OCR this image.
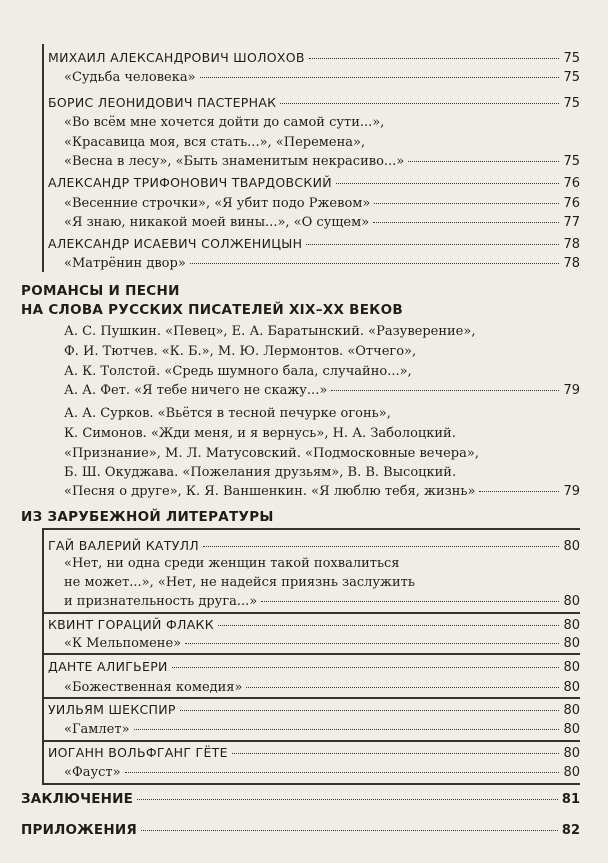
МИХАИЛ АЛЕКСАНДРОВИЧ ШОЛОХОВ	75
«Судьба человека»	75
БОРИС ЛЕОНИДОВИЧ ПАСТЕРНАК	75
«Во всём мне хочется дойти до самой сути...»,
«Красавица моя, вся стать...», «Перемена»,
«Весна в лесу», «Быть знаменитым некрасиво...»	75
АЛЕКСАНДР ТРИФОНОВИЧ ТВАРДОВСКИЙ	76
«Весенние строчки», «Я убит подо Ржевом»	76
«Я знаю, никакой моей вины...», «О сущем»	77
АЛЕКСАНДР ИСАЕВИЧ СОЛЖЕНИЦЫН	78
«Матрёнин двор»	78
РОМАНСЫ И ПЕСНИ
НА СЛОВА РУССКИХ ПИСАТЕЛЕЙ XIX–XX ВЕКОВ
А. С. Пушкин. «Певец», Е. А. Баратынский. «Разуверение»,
Ф. И. Тютчев. «К. Б.», М. Ю. Лермонтов. «Отчего»,
А. К. Толстой. «Средь шумного бала, случайно...»,
А. А. Фет. «Я тебе ничего не скажу...»	79
А. А. Сурков. «Вьётся в тесной печурке огонь»,
К. Симонов. «Жди меня, и я вернусь», Н. А. Заболоцкий.
«Признание», М. Л. Матусовский. «Подмосковные вечера»,
Б. Ш. Окуджава. «Пожелания друзьям», В. В. Высоцкий.
«Песня о друге», К. Я. Ваншенкин. «Я люблю тебя, жизнь»	79
ИЗ ЗАРУБЕЖНОЙ ЛИТЕРАТУРЫ
ГАЙ ВАЛЕРИЙ КАТУЛЛ	80
«Нет, ни одна среди женщин такой похвалиться
не может...», «Нет, не надейся приязнь заслужить
и признательность друга...»	80
КВИНТ ГОРАЦИЙ ФЛАКК	80
«К Мельпомене»	80
ДАНТЕ АЛИГЬЕРИ	80
«Божественная комедия»	80
УИЛЬЯМ ШЕКСПИР	80
«Гамлет»	80
ИОГАНН ВОЛЬФГАНГ ГЁТЕ	80
«Фауст»	80
ЗАКЛЮЧЕНИЕ	81
ПРИЛОЖЕНИЯ	82
